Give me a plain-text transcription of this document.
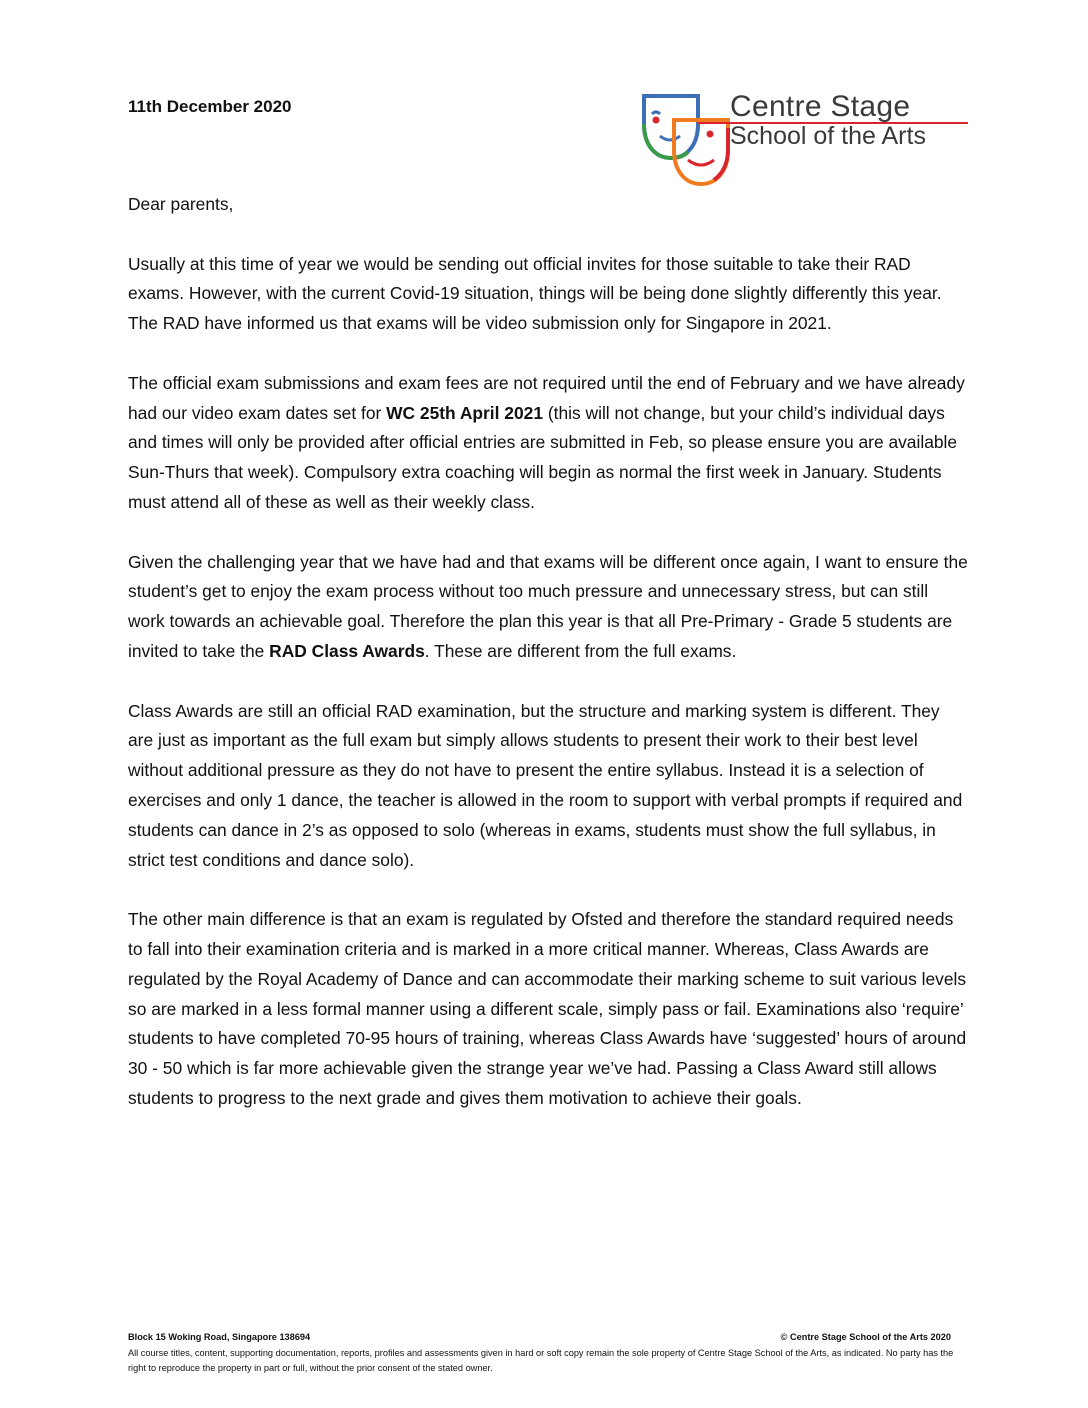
11th December 2020	Centre Stage
School of the Arts

Dear parents,

Usually at this time of year we would be sending out official invites for those suitable to take their RAD exams. However, with the current Covid-19 situation, things will be being done slightly differently this year. The RAD have informed us that exams will be video submission only for Singapore in 2021.

The official exam submissions and exam fees are not required until the end of February and we have already had our video exam dates set for WC 25th April 2021 (this will not change, but your child’s individual days and times will only be provided after official entries are submitted in Feb, so please ensure you are available Sun-Thurs that week). Compulsory extra coaching will begin as normal the first week in January. Students must attend all of these as well as their weekly class.

Given the challenging year that we have had and that exams will be different once again, I want to ensure the student’s get to enjoy the exam process without too much pressure and unnecessary stress, but can still work towards an achievable goal. Therefore the plan this year is that all Pre-Primary - Grade 5 students are invited to take the RAD Class Awards. These are different from the full exams.

Class Awards are still an official RAD examination, but the structure and marking system is different. They are just as important as the full exam but simply allows students to present their work to their best level without additional pressure as they do not have to present the entire syllabus. Instead it is a selection of exercises and only 1 dance, the teacher is allowed in the room to support with verbal prompts if required and students can dance in 2’s as opposed to solo (whereas in exams, students must show the full syllabus, in strict test conditions and dance solo).

The other main difference is that an exam is regulated by Ofsted and therefore the standard required needs to fall into their examination criteria and is marked in a more critical manner. Whereas, Class Awards are regulated by the Royal Academy of Dance and can accommodate their marking scheme to suit various levels so are marked in a less formal manner using a different scale, simply pass or fail. Examinations also ‘require’ students to have completed 70-95 hours of training, whereas Class Awards have ‘suggested’ hours of around 30 - 50 which is far more achievable given the strange year we’ve had. Passing a Class Award still allows students to progress to the next grade and gives them motivation to achieve their goals.

Block 15 Woking Road, Singapore 138694	© Centre Stage School of the Arts 2020
All course titles, content, supporting documentation, reports, profiles and assessments given in hard or soft copy remain the sole property of Centre Stage School of the Arts, as indicated. No party has the right to reproduce the property in part or full, without the prior consent of the stated owner.
